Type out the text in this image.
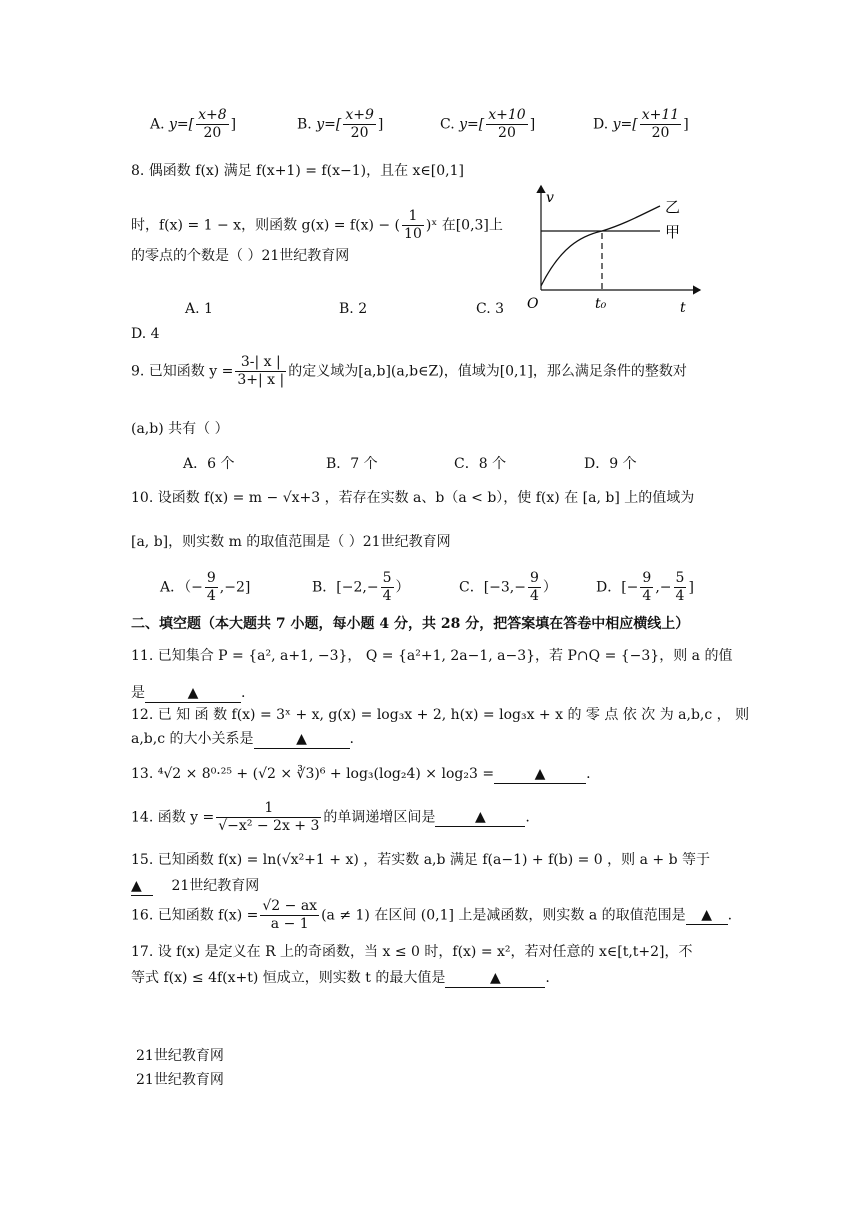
A. $y=[ \frac{x+8}{20}$ ]	B. $y=[ \frac{x+9}{20}$ ]	C. $y=[ \frac{x+10}{20}$ ]	D. $y=[ \frac{x+11}{20}$ ]
8. 偶函数 f(x) 满足 f(x+1) = f(x−1)，且在 x∈[0,1]
时，f(x) = 1 − x，则函数 g(x) = f(x) − ( $\frac{1}{10}$ )ˣ 在[0,3]上
的零点的个数是（ ）21世纪教育网
A. 1	B. 2	C. 3
D. 4
v
t
O	t₀
乙
甲
9. 已知函数 $y = \frac{3-| x |}{3+| x |}$ 的定义域为[a,b](a,b∈Z)，值域为[0,1]，那么满足条件的整数对
(a,b) 共有（ ）
A．6 个	B．7 个	C．8 个	D．9 个
10. 设函数 f(x) = m − √x+3 ，若存在实数 a、b（a < b），使 f(x) 在 [a, b] 上的值域为
[a, b]，则实数 m 的取值范围是（ ）21世纪教育网
A．（− $\frac{9}{4} ,-2$]	B．[$-2,- \frac{5}{4}$ ）	C．[$-3,- \frac{9}{4}$ ）	D．[− $\frac{9}{4}$ ,− $\frac{5}{4}$ ]
二、填空题（本大题共 7 小题，每小题 4 分，共 28 分，把答案填在答卷中相应横线上）
11. 已知集合 P = {a², a+1, −3}， Q = {a²+1, 2a−1, a−3}，若 P∩Q = {−3}，则 a 的值
是	▲	.
12. 已 知 函 数 f(x) = 3ˣ + x, g(x) = log₃x + 2, h(x) = log₃x + x 的 零 点 依 次 为 a,b,c ， 则
a,b,c 的大小关系是	▲	.
13. ⁴√2 × 8⁰·²⁵ + (√2 × ∛3)⁶ + log₃(log₂4) × log₂3 =	▲	.
14. 函数 $y = \frac{1}{\text{√−x² − 2x + 3}}$ 的单调递增区间是	▲	.
15. 已知函数 f(x) = ln(√x²+1 + x) ，若实数 a,b 满足 f(a−1) + f(b) = 0 ，则 a + b 等于
▲ 21世纪教育网
16. 已知函数 $f(x) = \frac{√2 - ax}{a - 1} (a \ne 1)$ 在区间 (0,1] 上是减函数，则实数 a 的取值范围是 ▲ .
17. 设 f(x) 是定义在 R 上的奇函数，当 x ≤ 0 时，f(x) = x²，若对任意的 x∈[t,t+2]，不
等式 f(x) ≤ 4f(x+t) 恒成立，则实数 t 的最大值是	▲	.
21世纪教育网
21世纪教育网
